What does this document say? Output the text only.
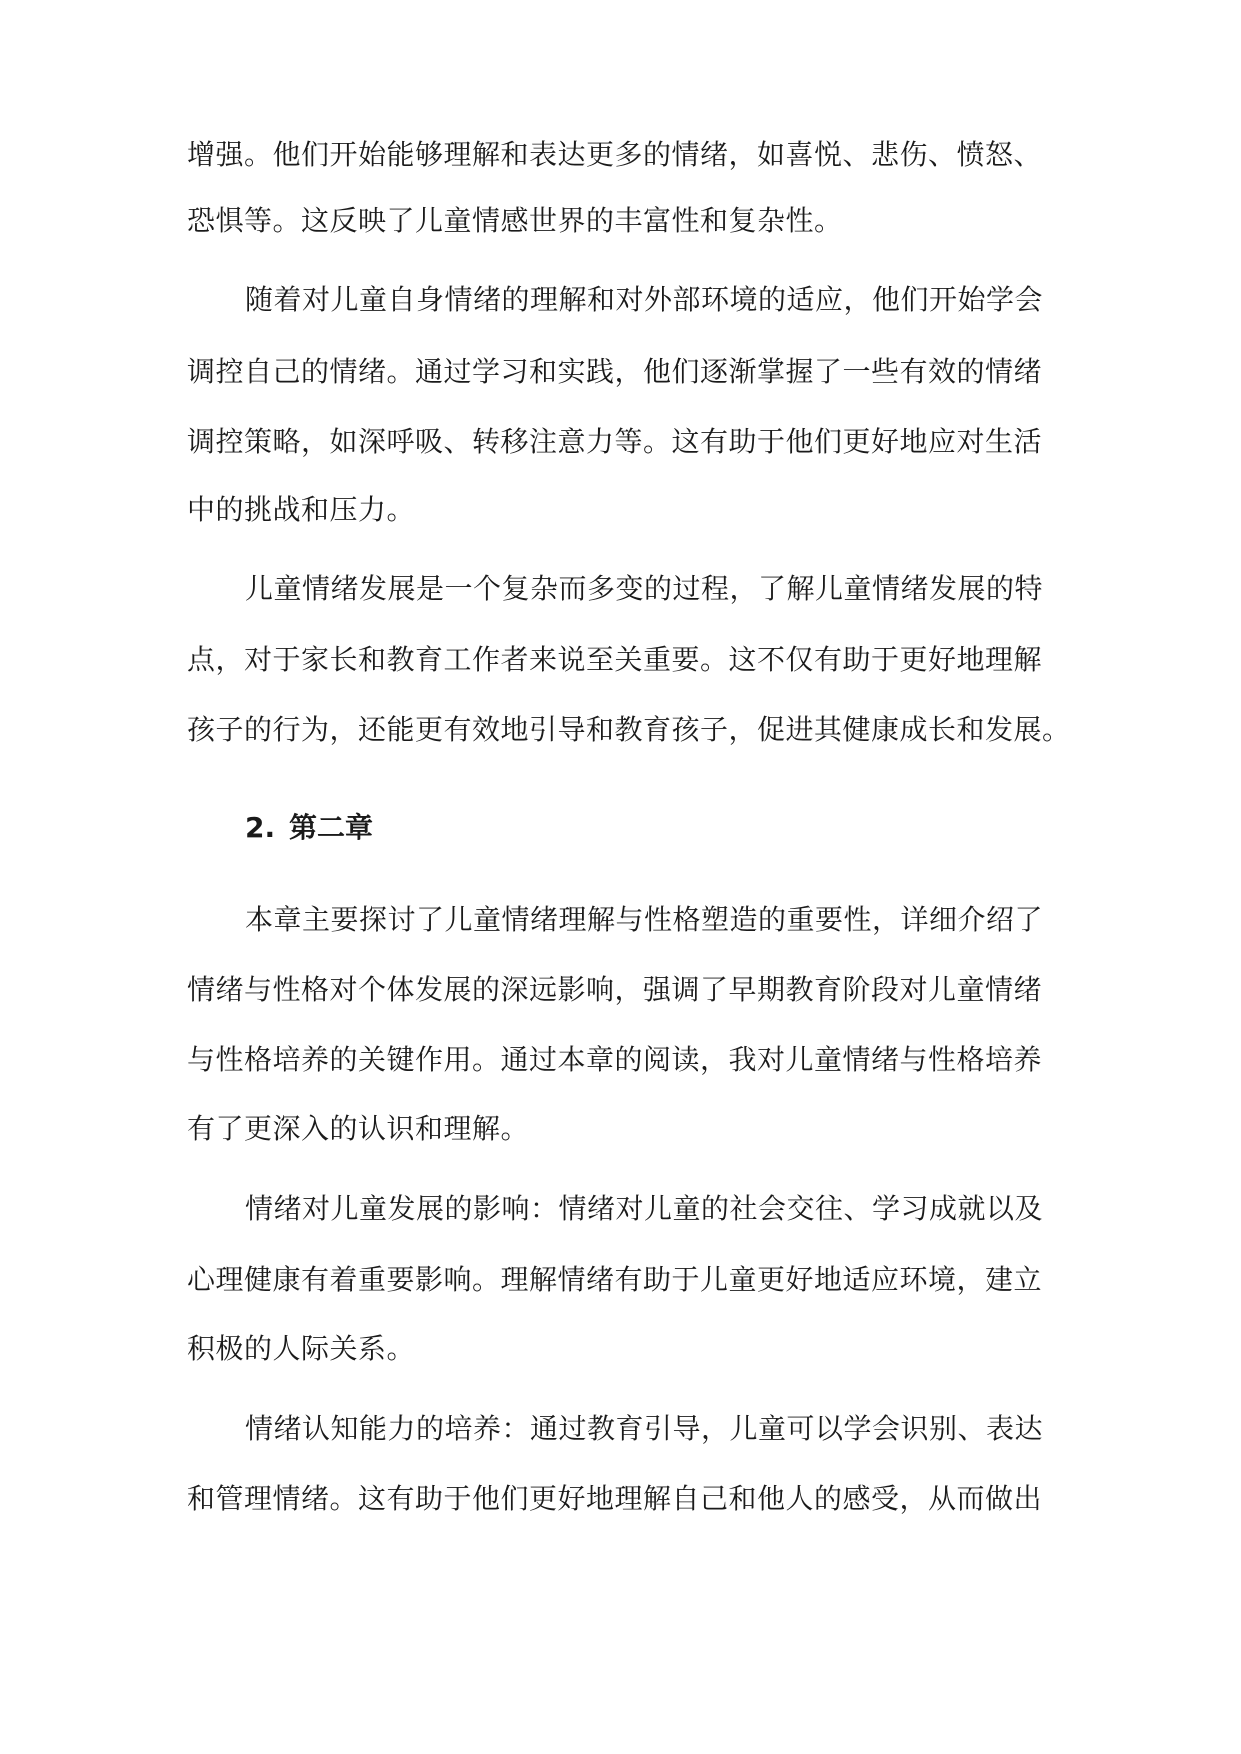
增强。他们开始能够理解和表达更多的情绪，如喜悦、悲伤、愤怒、
恐惧等。这反映了儿童情感世界的丰富性和复杂性。
随着对儿童自身情绪的理解和对外部环境的适应，他们开始学会
调控自己的情绪。通过学习和实践，他们逐渐掌握了一些有效的情绪
调控策略，如深呼吸、转移注意力等。这有助于他们更好地应对生活
中的挑战和压力。
儿童情绪发展是一个复杂而多变的过程，了解儿童情绪发展的特
点，对于家长和教育工作者来说至关重要。这不仅有助于更好地理解
孩子的行为，还能更有效地引导和教育孩子，促进其健康成长和发展。
2. 第二章
本章主要探讨了儿童情绪理解与性格塑造的重要性，详细介绍了
情绪与性格对个体发展的深远影响，强调了早期教育阶段对儿童情绪
与性格培养的关键作用。通过本章的阅读，我对儿童情绪与性格培养
有了更深入的认识和理解。
情绪对儿童发展的影响：情绪对儿童的社会交往、学习成就以及
心理健康有着重要影响。理解情绪有助于儿童更好地适应环境，建立
积极的人际关系。
情绪认知能力的培养：通过教育引导，儿童可以学会识别、表达
和管理情绪。这有助于他们更好地理解自己和他人的感受，从而做出
